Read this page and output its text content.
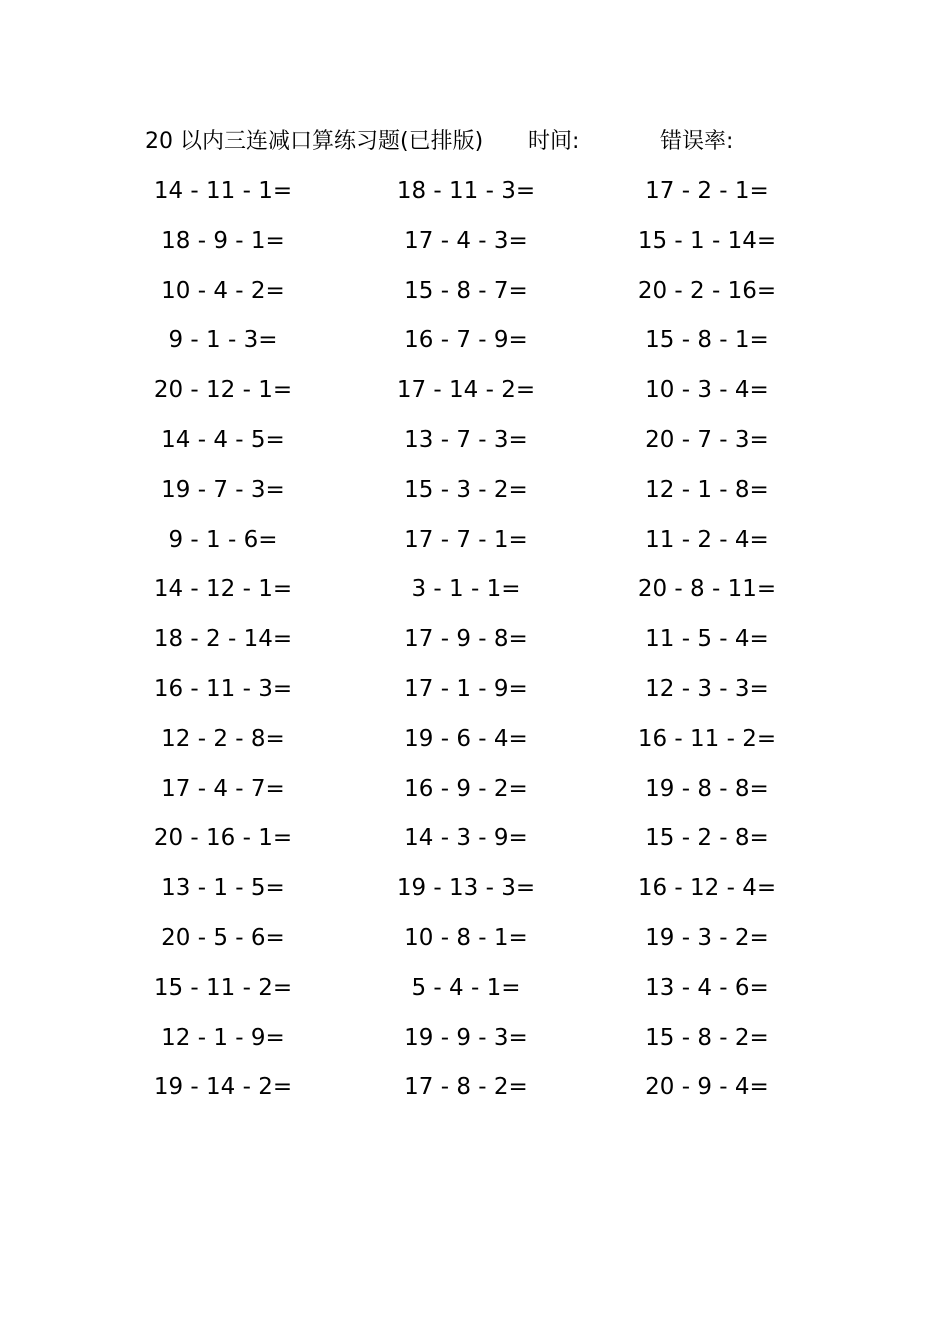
20 以内三连减口算练习题(已排版) 时间:	错误率:
14 - 11 - 1=	18 - 11 - 3=	17 - 2 - 1=
18 - 9 - 1=	17 - 4 - 3=	15 - 1 - 14=
10 - 4 - 2=	15 - 8 - 7=	20 - 2 - 16=
9 - 1 - 3=	16 - 7 - 9=	15 - 8 - 1=
20 - 12 - 1=	17 - 14 - 2=	10 - 3 - 4=
14 - 4 - 5=	13 - 7 - 3=	20 - 7 - 3=
19 - 7 - 3=	15 - 3 - 2=	12 - 1 - 8=
9 - 1 - 6=	17 - 7 - 1=	11 - 2 - 4=
14 - 12 - 1=	3 - 1 - 1=	20 - 8 - 11=
18 - 2 - 14=	17 - 9 - 8=	11 - 5 - 4=
16 - 11 - 3=	17 - 1 - 9=	12 - 3 - 3=
12 - 2 - 8=	19 - 6 - 4=	16 - 11 - 2=
17 - 4 - 7=	16 - 9 - 2=	19 - 8 - 8=
20 - 16 - 1=	14 - 3 - 9=	15 - 2 - 8=
13 - 1 - 5=	19 - 13 - 3=	16 - 12 - 4=
20 - 5 - 6=	10 - 8 - 1=	19 - 3 - 2=
15 - 11 - 2=	5 - 4 - 1=	13 - 4 - 6=
12 - 1 - 9=	19 - 9 - 3=	15 - 8 - 2=
19 - 14 - 2=	17 - 8 - 2=	20 - 9 - 4=
